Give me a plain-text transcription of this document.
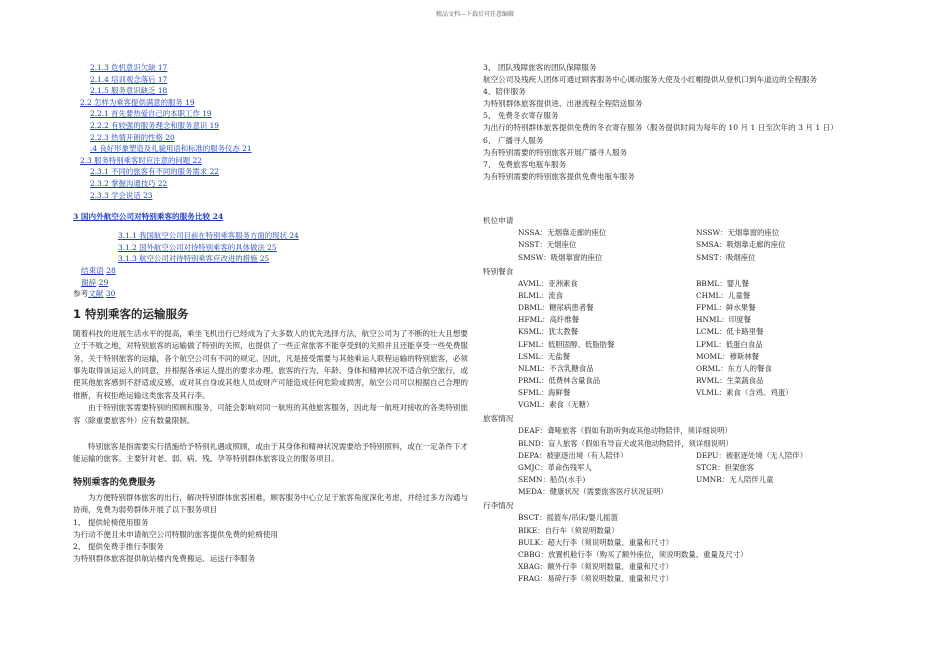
精品文档---下载后可任意编辑
2.1.3 危机意识欠缺 17
2.1.4 培训观念落后 17
2.1.5 服务意识缺乏 18
2.2 怎样为乘客提供满意的服务 19
2.2.1 首先要热爱自己的本职工作 19
2.2.2 有较强的服务理念和服务意识 19
2.2.3 热情开朗的性格 20
.4 良好形象塑造及礼貌用语和标准的服务仪态 21
2.3 服务特别乘客时应注意的问题 22
2.3.1 不同的旅客有不同的服务需求 22
2.3.2 掌握沟通技巧 22
2.3.3 学会说话 23
3 国内外航空公司对特别乘客的服务比较 24
3.1.1 我国航空公司目前在特别乘客服务方面的现状 24
3.1.2 国外航空公司对待特别乘客的具体做法 25
3.1.3 航空公司对待特别乘客应改进的措施 25
结束语 28
谢辞 29
参考文献 30
1 特别乘客的运输服务

随着科技的进展生活水平的提高，乘坐飞机出行已经成为了大多数人的优先选择方法，航空公司为了不断的壮大且想要立于不败之地，对特别旅客的运输做了特别的关照，也提供了一些正常旅客不能享受到的关照并且还能享受一些免费服务，关于特别旅客的运输，各个航空公司有不同的规定。因此，凡是接受需要与其他乘运人联程运输的特别旅客，必须事先取得该运运人的同意，并根据各承运人提出的要求办理。旅客的行为、年龄、身体和精神状况不适合航空旅行，或使其他旅客感到不舒适或反感，或对其自身或其他人员或财产可能造成任何危险或损害，航空公司可以根据自己合理的推断，有权拒绝运输这类旅客及其行李。

由于特别旅客需要特别的照顾和服务，可能会影响对同一航班的其他旅客服务，因此每一航班对接收的各类特别旅客（除重要旅客外）应有数量限制。

特别旅客是指需要实行措施给予特别礼遇或照顾，或由于其身体和精神状况需要给予特别照料，或在一定条件下才能运输的旅客。主要针对老、弱、病、残、孕等特别群体旅客设立的服务项目。

特别乘客的免费服务

为方便特别群体旅客的出行，解决特别群体旅客困难，顾客服务中心立足于旅客角度深化考虑，并经过多方沟通与协商，免费为弱势群体开展了以下服务项目

1、 提供轮椅使用服务

为行动不便且未申请航空公司特服的旅客提供免费的轮椅使用

2、 提供免费手推行李服务

为特别群体旅客提供航站楼内免费搬运、运送行李服务

3、 团队残障旅客的团队保障服务

航空公司及残疾人团体可通过顾客服务中心调动服务大使及小红帽提供从登机口到车道边的全程服务

4、陪伴服务

为特别群体旅客提供进、出港流程全程陪送服务

5、 免费冬衣寄存服务

为出行的特别群体旅客提供免费的冬衣寄存服务（服务提供时间为每年的 10 月 1 日至次年的 3 月 1 日）

6、 广播寻人服务

为有特别需要的特别旅客开展广播寻人服务

7、 免费旅客电瓶车服务

为有特别需要的特别旅客提供免费电瓶车服务

机位申请
NSSA：无烟靠走廊的座位	NSSW：无烟靠窗的座位
NSST：无烟座位	SMSA：吸烟靠走廊的座位
SMSW：吸烟靠窗的座位	SMST：吸烟座位
特别餐食
AVML：亚洲素食	BBML：婴儿餐
BLML：流食	CHML：儿童餐
DBML：糖尿病患者餐	FPML：鲜水果餐
HFML：高纤维餐	HNML：印度餐
KSML：犹太教餐	LCML：低卡路里餐
LFML：低胆固醇、低脂肪餐	LPML：低蛋白食品
LSML：无盐餐	MOML：穆斯林餐
NLML：不含乳糖食品	ORML：东方人的餐食
PRML：低费林含量食品	RVML：生菜蔬食品
SFML：海鲜餐	VLML：素食（含鸡、鸡蛋）
VGML：素食（无糖）
旅客情况
DEAF：聋哑旅客（假如有助听狗或其他动物陪伴，须详细说明）
BLND：盲人旅客（假如有导盲犬或其他动物陪伴，须详细说明）
DEPA：被驱逐出境（有人陪伴）	DEPU：被驱逐处境（无人陪伴）
GMJC：革命伤残军人	STCR：担架旅客
SEMN：船员(水手)	UMNR：无人陪伴儿童
MEDA：健康状况（需要旅客医疗状况证明）
行李情况
BSCT：摇篮车/吊床/婴儿摇篮
BIKE：自行车（须说明数量）
BULK：超大行李（须说明数量、重量和尺寸）
CBBG：放置机舱行李（购买了额外座位，须说明数量、重量及尺寸）
XBAG：额外行李（须说明数量、重量和尺寸）
FRAG：易碎行李（须说明数量、重量和尺寸）
